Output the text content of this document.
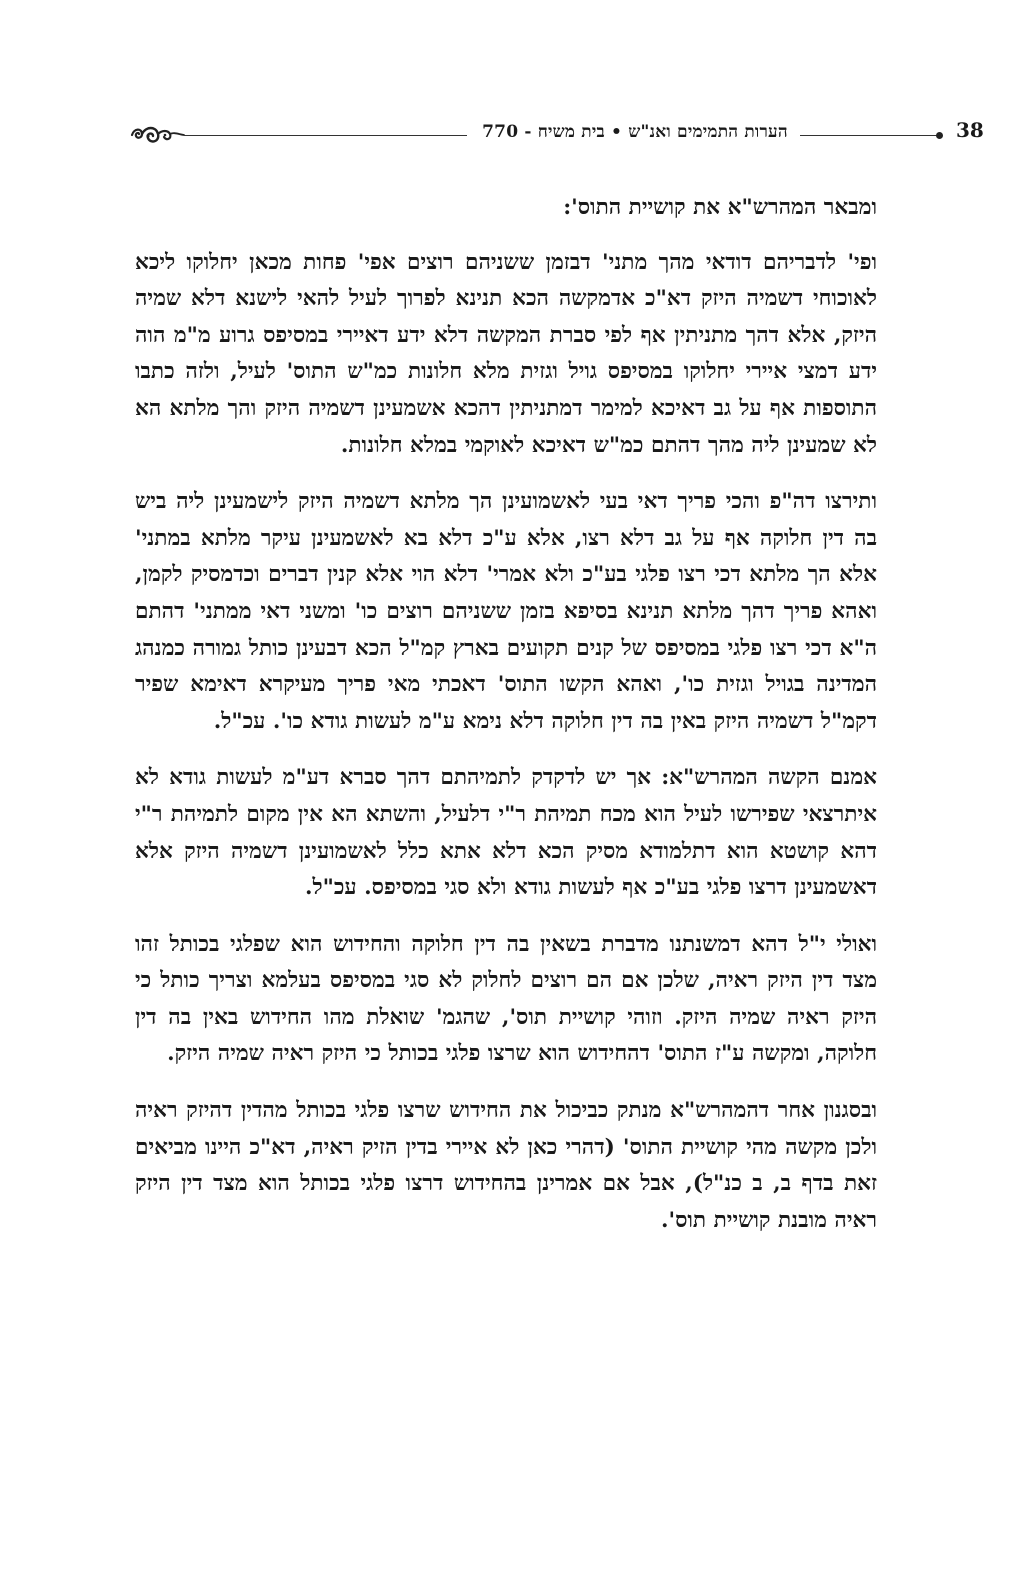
הערות התמימים ואנ"ש • בית משיח - 770	38

ומבאר המהרש"א את קושיית התוס':

ופי' לדבריהם דודאי מהך מתני' דבזמן ששניהם רוצים אפי' פחות מכאן יחלוקו ליכא לאוכוחי דשמיה היזק דא"כ אדמקשה הכא תנינא לפרוך לעיל להאי לישנא דלא שמיה היזק, אלא דהך מתניתין אף לפי סברת המקשה דלא ידע דאיירי במסיפס גרוע מ"מ הוה ידע דמצי איירי יחלוקו במסיפס גויל וגזית מלא חלונות כמ"ש התוס' לעיל, ולזה כתבו התוספות אף על גב דאיכא למימר דמתניתין דהכא אשמעינן דשמיה היזק והך מלתא הא לא שמעינן ליה מהך דהתם כמ"ש דאיכא לאוקמי במלא חלונות.

ותירצו דה"פ והכי פריך דאי בעי לאשמועינן הך מלתא דשמיה היזק לישמעינן ליה ביש בה דין חלוקה אף על גב דלא רצו, אלא ע"כ דלא בא לאשמעינן עיקר מלתא במתני' אלא הך מלתא דכי רצו פלגי בע"כ ולא אמרי' דלא הוי אלא קנין דברים וכדמסיק לקמן, ואהא פריך דהך מלתא תנינא בסיפא בזמן ששניהם רוצים כו' ומשני דאי ממתני' דהתם ה"א דכי רצו פלגי במסיפס של קנים תקועים בארץ קמ"ל הכא דבעינן כותל גמורה כמנהג המדינה בגויל וגזית כו', ואהא הקשו התוס' דאכתי מאי פריך מעיקרא דאימא שפיר דקמ"ל דשמיה היזק באין בה דין חלוקה דלא נימא ע"מ לעשות גודא כו'. עכ"ל.

אמנם הקשה המהרש"א: אך יש לדקדק לתמיהתם דהך סברא דע"מ לעשות גודא לא איתרצאי שפירשו לעיל הוא מכח תמיהת ר"י דלעיל, והשתא הא אין מקום לתמיהת ר"י דהא קושטא הוא דתלמודא מסיק הכא דלא אתא כלל לאשמועינן דשמיה היזק אלא דאשמעינן דרצו פלגי בע"כ אף לעשות גודא ולא סגי במסיפס. עכ"ל.

ואולי י"ל דהא דמשנתנו מדברת בשאין בה דין חלוקה והחידוש הוא שפלגי בכותל זהו מצד דין היזק ראיה, שלכן אם הם רוצים לחלוק לא סגי במסיפס בעלמא וצריך כותל כי היזק ראיה שמיה היזק. וזוהי קושיית תוס', שהגמ' שואלת מהו החידוש באין בה דין חלוקה, ומקשה ע"ז התוס' דהחידוש הוא שרצו פלגי בכותל כי היזק ראיה שמיה היזק.

ובסגנון אחר דהמהרש"א מנתק כביכול את החידוש שרצו פלגי בכותל מהדין דהיזק ראיה ולכן מקשה מהי קושיית התוס' (דהרי כאן לא איירי בדין הזיק ראיה, דא"כ היינו מביאים זאת בדף ב, ב כנ"ל), אבל אם אמרינן בהחידוש דרצו פלגי בכותל הוא מצד דין היזק ראיה מובנת קושיית תוס'.
